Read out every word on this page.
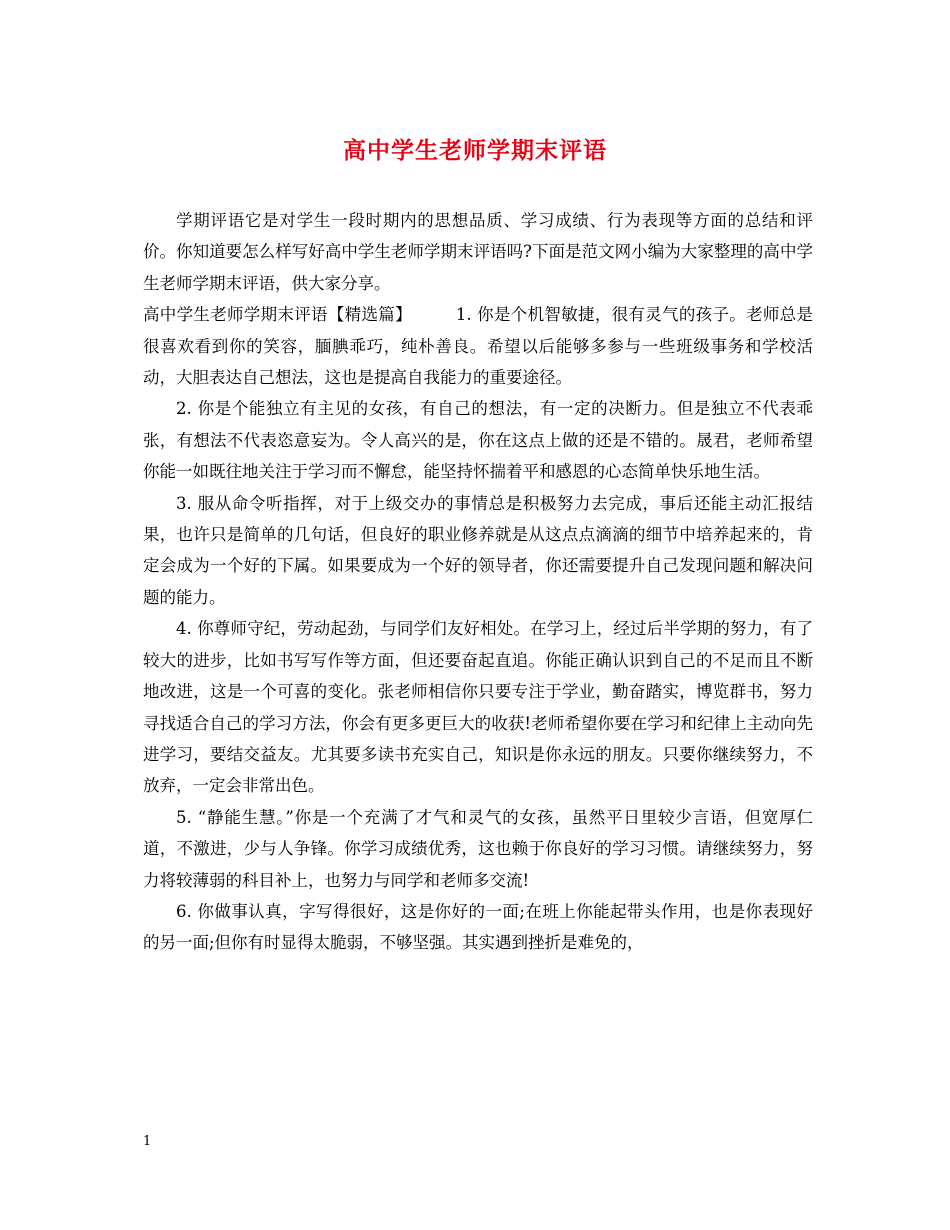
高中学生老师学期末评语

学期评语它是对学生一段时期内的思想品质、学习成绩、行为表现等方面的总结和评价。你知道要怎么样写好高中学生老师学期末评语吗?下面是范文网小编为大家整理的高中学生老师学期末评语，供大家分享。

高中学生老师学期末评语【精选篇】	1. 你是个机智敏捷，很有灵气的孩子。老师总是很喜欢看到你的笑容，腼腆乖巧，纯朴善良。希望以后能够多参与一些班级事务和学校活动，大胆表达自己想法，这也是提高自我能力的重要途径。

2. 你是个能独立有主见的女孩，有自己的想法，有一定的决断力。但是独立不代表乖张，有想法不代表恣意妄为。令人高兴的是，你在这点上做的还是不错的。晟君，老师希望你能一如既往地关注于学习而不懈怠，能坚持怀揣着平和感恩的心态简单快乐地生活。

3. 服从命令听指挥，对于上级交办的事情总是积极努力去完成，事后还能主动汇报结果，也许只是简单的几句话，但良好的职业修养就是从这点点滴滴的细节中培养起来的，肯定会成为一个好的下属。如果要成为一个好的领导者，你还需要提升自己发现问题和解决问题的能力。

4. 你尊师守纪，劳动起劲，与同学们友好相处。在学习上，经过后半学期的努力，有了较大的进步，比如书写写作等方面，但还要奋起直追。你能正确认识到自己的不足而且不断地改进，这是一个可喜的变化。张老师相信你只要专注于学业，勤奋踏实，博览群书，努力寻找适合自己的学习方法，你会有更多更巨大的收获!老师希望你要在学习和纪律上主动向先进学习，要结交益友。尤其要多读书充实自己，知识是你永远的朋友。只要你继续努力，不放弃，一定会非常出色。

5. “静能生慧。”你是一个充满了才气和灵气的女孩，虽然平日里较少言语，但宽厚仁道，不激进，少与人争锋。你学习成绩优秀，这也赖于你良好的学习习惯。请继续努力，努力将较薄弱的科目补上，也努力与同学和老师多交流!

6. 你做事认真，字写得很好，这是你好的一面;在班上你能起带头作用，也是你表现好的另一面;但你有时显得太脆弱，不够坚强。其实遇到挫折是难免的，

1
